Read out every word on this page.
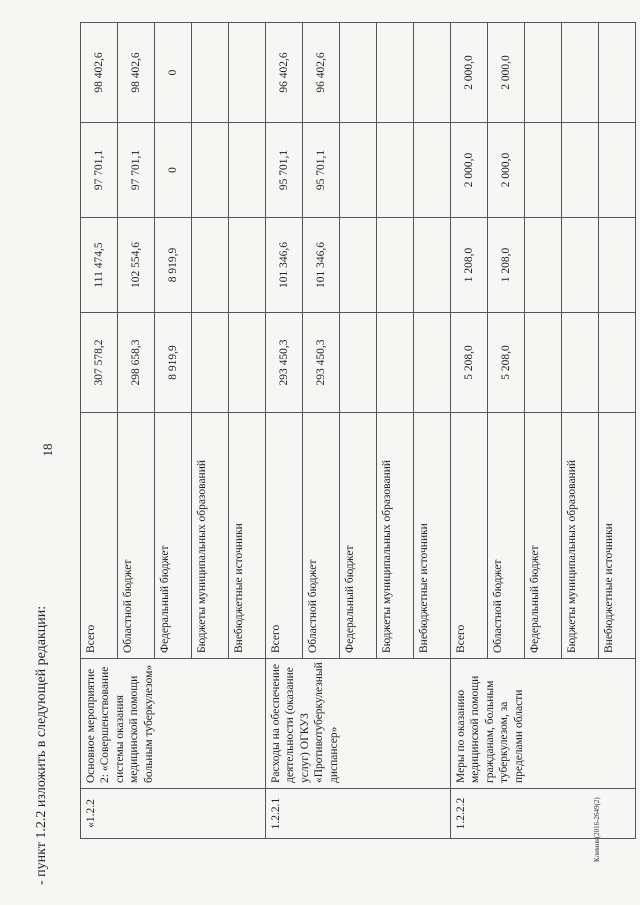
18
- пункт 1.2.2 изложить в следующей редакции:	Климин(2016-2649(2)
«1.2.2	Основное мероприятие 2: «Совершенствование системы оказания медицинской помощи больным туберкулезом»	Всего	307 578,2	111 474,5	97 701,1	98 402,6
		Областной бюджет	298 658,3	102 554,6	97 701,1	98 402,6
		Федеральный бюджет	8 919,9	8 919,9	0	0
		Бюджеты муниципальных образований				
		Внебюджетные источники				
1.2.2.1	Расходы на обеспечение деятельности (оказание услуг) ОГКУЗ «Противотуберкулезный диспансер»	Всего	293 450,3	101 346,6	95 701,1	96 402,6
		Областной бюджет	293 450,3	101 346,6	95 701,1	96 402,6
		Федеральный бюджет				
		Бюджеты муниципальных образований				
		Внебюджетные источники				
1.2.2.2	Меры по оказанию медицинской помощи гражданам, больным туберкулезом, за пределами области	Всего	5 208,0	1 208,0	2 000,0	2 000,0
		Областной бюджет	5 208,0	1 208,0	2 000,0	2 000,0
		Федеральный бюджет				
		Бюджеты муниципальных образований				
		Внебюджетные источники				
